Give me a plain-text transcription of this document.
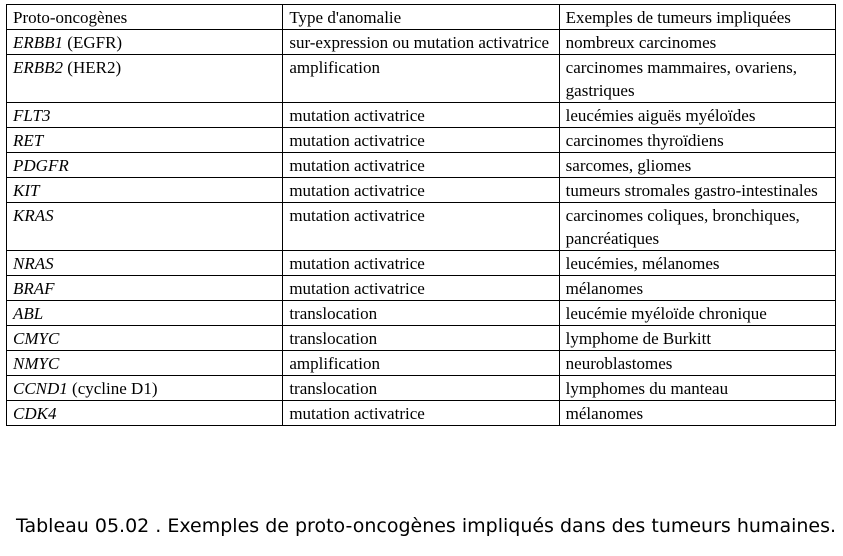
Proto-oncogènes	Type d'anomalie	Exemples de tumeurs impliquées
ERBB1 (EGFR)	sur-expression ou mutation activatrice	nombreux carcinomes
ERBB2 (HER2)	amplification	carcinomes mammaires, ovariens, gastriques
FLT3	mutation activatrice	leucémies aiguës myéloïdes
RET	mutation activatrice	carcinomes thyroïdiens
PDGFR	mutation activatrice	sarcomes, gliomes
KIT	mutation activatrice	tumeurs stromales gastro-intestinales
KRAS	mutation activatrice	carcinomes coliques, bronchiques, pancréatiques
NRAS	mutation activatrice	leucémies, mélanomes
BRAF	mutation activatrice	mélanomes
ABL	translocation	leucémie myéloïde chronique
CMYC	translocation	lymphome de Burkitt
NMYC	amplification	neuroblastomes
CCND1 (cycline D1)	translocation	lymphomes du manteau
CDK4	mutation activatrice	mélanomes
Tableau 05.02 . Exemples de proto-oncogènes impliqués dans des tumeurs humaines.
